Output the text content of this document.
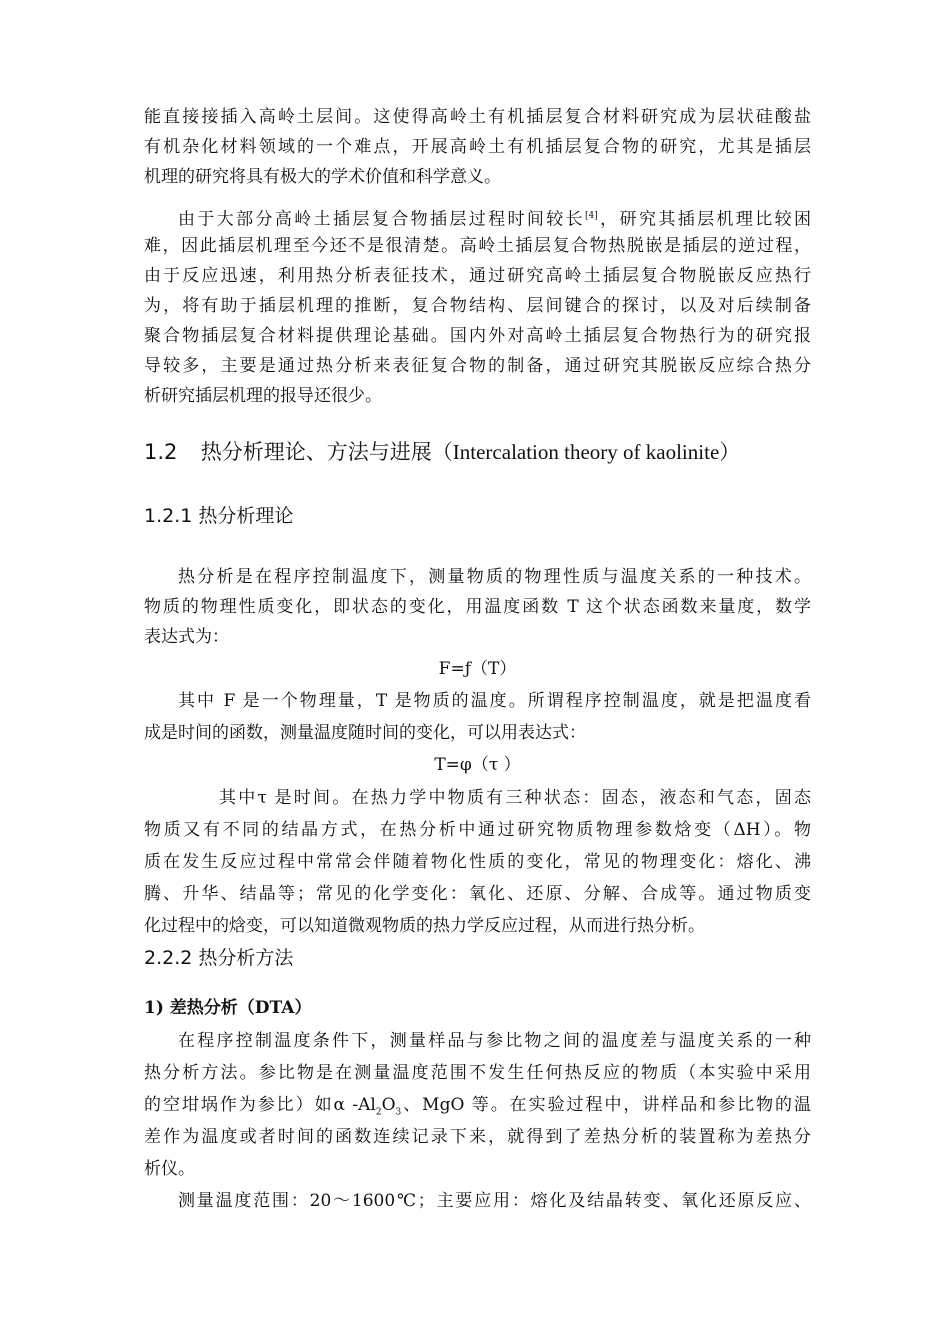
能直接接插入高岭土层间。这使得高岭土有机插层复合材料研究成为层状硅酸盐

有机杂化材料领域的一个难点，开展高岭土有机插层复合物的研究，尤其是插层

机理的研究将具有极大的学术价值和科学意义。

由于大部分高岭土插层复合物插层过程时间较长[4]，研究其插层机理比较困

难，因此插层机理至今还不是很清楚。高岭土插层复合物热脱嵌是插层的逆过程，

由于反应迅速，利用热分析表征技术，通过研究高岭土插层复合物脱嵌反应热行

为，将有助于插层机理的推断，复合物结构、层间键合的探讨，以及对后续制备

聚合物插层复合材料提供理论基础。国内外对高岭土插层复合物热行为的研究报

导较多，主要是通过热分析来表征复合物的制备，通过研究其脱嵌反应综合热分

析研究插层机理的报导还很少。

1.2 热分析理论、方法与进展（Intercalation theory of kaolinite）
1.2.1 热分析理论

热分析是在程序控制温度下，测量物质的物理性质与温度关系的一种技术。

物质的物理性质变化，即状态的变化，用温度函数 T 这个状态函数来量度，数学

表达式为：

F=ƒ（T）

其中 F 是一个物理量，T 是物质的温度。所谓程序控制温度，就是把温度看

成是时间的函数，测量温度随时间的变化，可以用表达式：

T=φ（τ ）

其中τ 是时间。在热力学中物质有三种状态：固态，液态和气态，固态

物质又有不同的结晶方式，在热分析中通过研究物质物理参数焓变（ΔH）。物

质在发生反应过程中常常会伴随着物化性质的变化，常见的物理变化：熔化、沸

腾、升华、结晶等；常见的化学变化：氧化、还原、分解、合成等。通过物质变

化过程中的焓变，可以知道微观物质的热力学反应过程，从而进行热分析。

2.2.2 热分析方法
1) 差热分析（DTA）

在程序控制温度条件下，测量样品与参比物之间的温度差与温度关系的一种

热分析方法。参比物是在测量温度范围不发生任何热反应的物质（本实验中采用

的空坩埚作为参比）如α $-Al_2O_3$、MgO 等。在实验过程中，讲样品和参比物的温

差作为温度或者时间的函数连续记录下来，就得到了差热分析的装置称为差热分

析仪。

测量温度范围：20～1600℃；主要应用：熔化及结晶转变、氧化还原反应、
